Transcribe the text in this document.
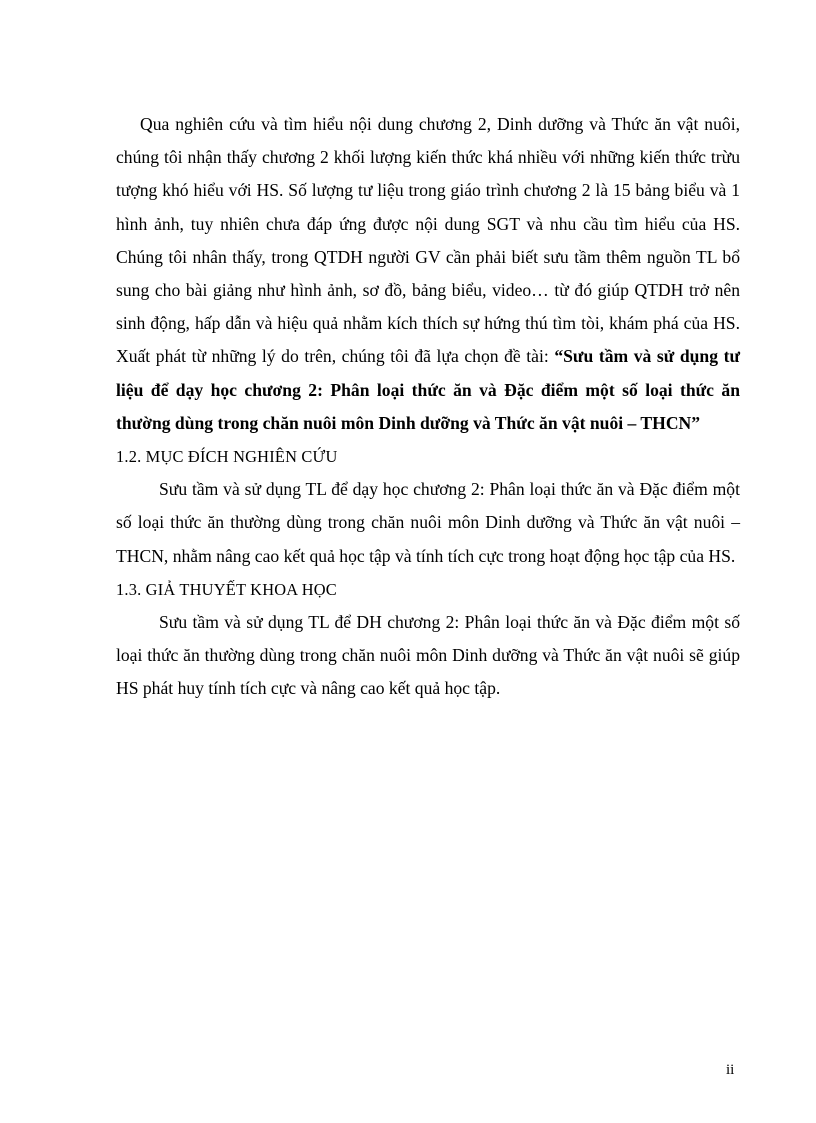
Qua nghiên cứu và tìm hiểu nội dung chương 2, Dinh dưỡng và Thức ăn vật nuôi, chúng tôi nhận thấy chương 2 khối lượng kiến thức khá nhiều với những kiến thức trừu tượng khó hiểu với HS. Số lượng tư liệu trong giáo trình chương 2 là 15 bảng biểu và 1 hình ảnh, tuy nhiên chưa đáp ứng được nội dung SGT và nhu cầu tìm hiểu của HS. Chúng tôi nhân thấy, trong QTDH người GV cần phải biết sưu tầm thêm nguồn TL bổ sung cho bài giảng như hình ảnh, sơ đồ, bảng biểu, video… từ đó giúp QTDH trở nên sinh động, hấp dẫn và hiệu quả nhằm kích thích sự hứng thú tìm tòi, khám phá của HS. Xuất phát từ những lý do trên, chúng tôi đã lựa chọn đề tài: “Sưu tầm và sử dụng tư liệu để dạy học chương 2: Phân loại thức ăn và Đặc điểm một số loại thức ăn thường dùng trong chăn nuôi môn Dinh dưỡng và Thức ăn vật nuôi – THCN”

1.2. MỤC ĐÍCH NGHIÊN CỨU

Sưu tầm và sử dụng TL để dạy học chương 2: Phân loại thức ăn và Đặc điểm một số loại thức ăn thường dùng trong chăn nuôi môn Dinh dưỡng và Thức ăn vật nuôi – THCN, nhằm nâng cao kết quả học tập và tính tích cực trong hoạt động học tập của HS.

1.3. GIẢ THUYẾT KHOA HỌC

Sưu tầm và sử dụng TL để DH chương 2: Phân loại thức ăn và Đặc điểm một số loại thức ăn thường dùng trong chăn nuôi môn Dinh dưỡng và Thức ăn vật nuôi sẽ giúp HS phát huy tính tích cực và nâng cao kết quả học tập.

ii
